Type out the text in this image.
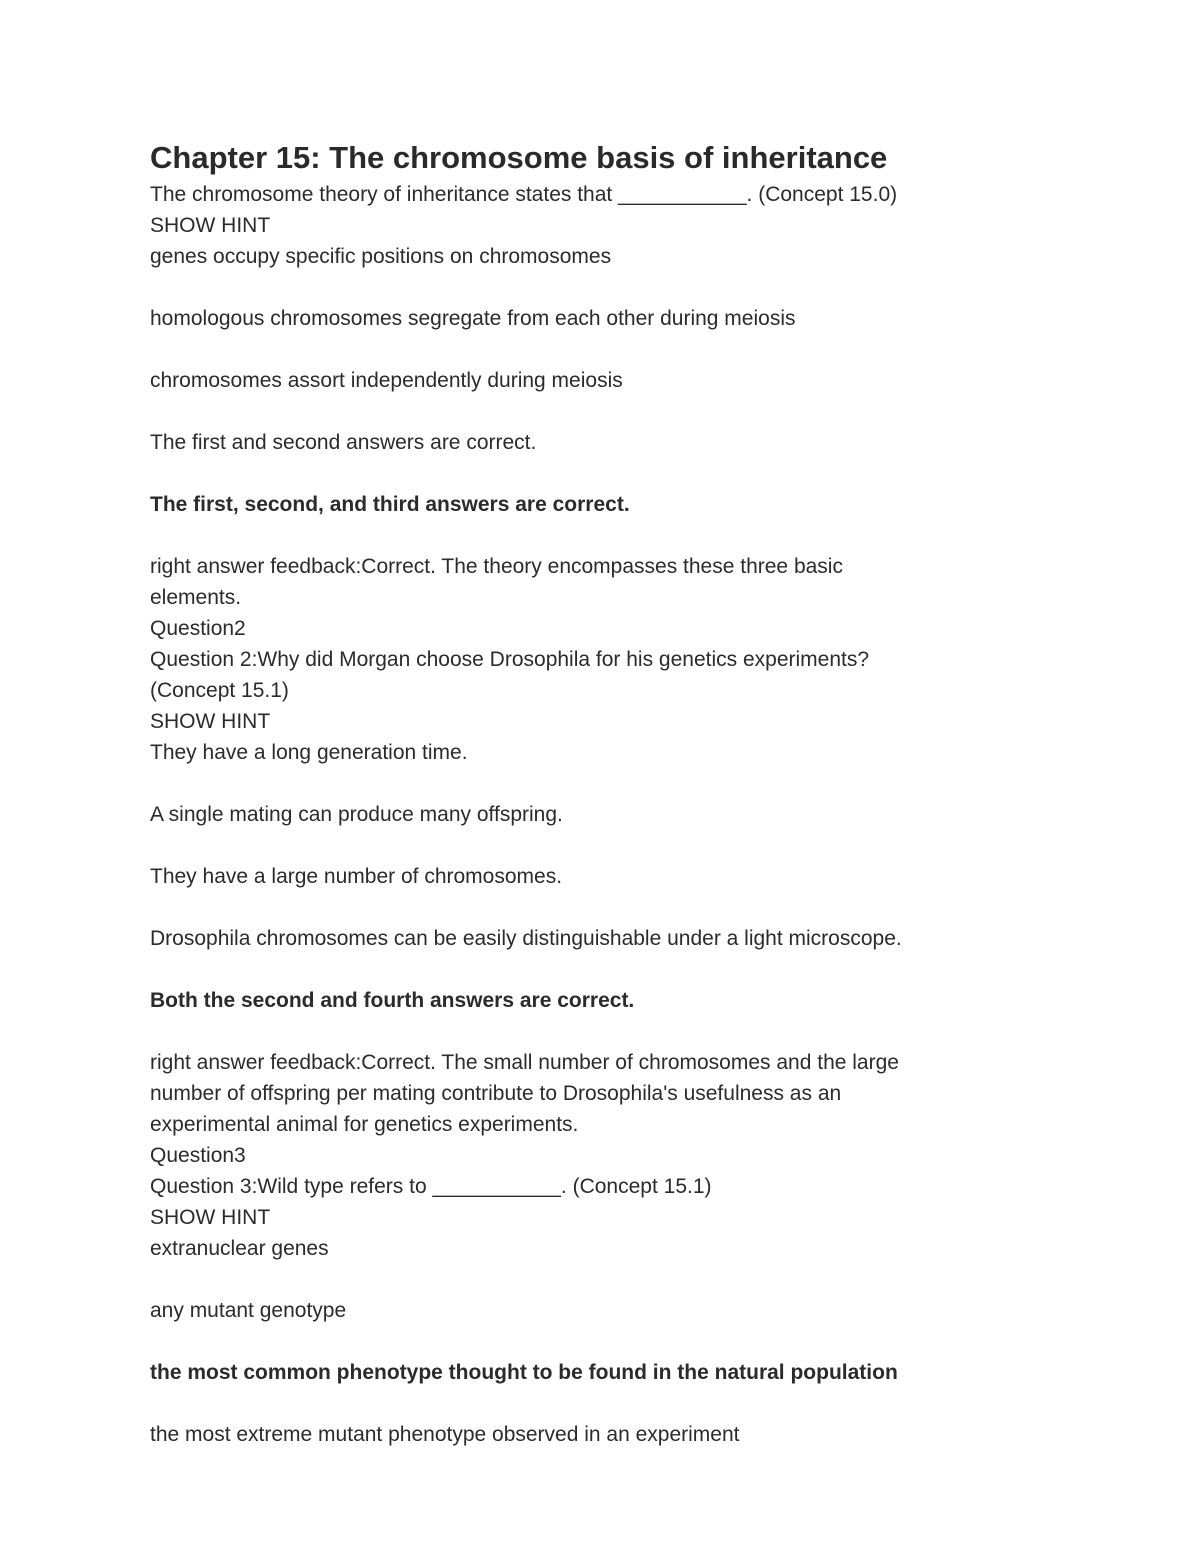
Chapter 15: The chromosome basis of inheritance

The chromosome theory of inheritance states that ___________. (Concept 15.0)

SHOW HINT

genes occupy specific positions on chromosomes

homologous chromosomes segregate from each other during meiosis

chromosomes assort independently during meiosis

The first and second answers are correct.

The first, second, and third answers are correct.

right answer feedback:Correct. The theory encompasses these three basic

elements.

Question2

Question 2:Why did Morgan choose Drosophila for his genetics experiments?

(Concept 15.1)

SHOW HINT

They have a long generation time.

A single mating can produce many offspring.

They have a large number of chromosomes.

Drosophila chromosomes can be easily distinguishable under a light microscope.

Both the second and fourth answers are correct.

right answer feedback:Correct. The small number of chromosomes and the large

number of offspring per mating contribute to Drosophila's usefulness as an

experimental animal for genetics experiments.

Question3

Question 3:Wild type refers to ___________. (Concept 15.1)

SHOW HINT

extranuclear genes

any mutant genotype

the most common phenotype thought to be found in the natural population

the most extreme mutant phenotype observed in an experiment
